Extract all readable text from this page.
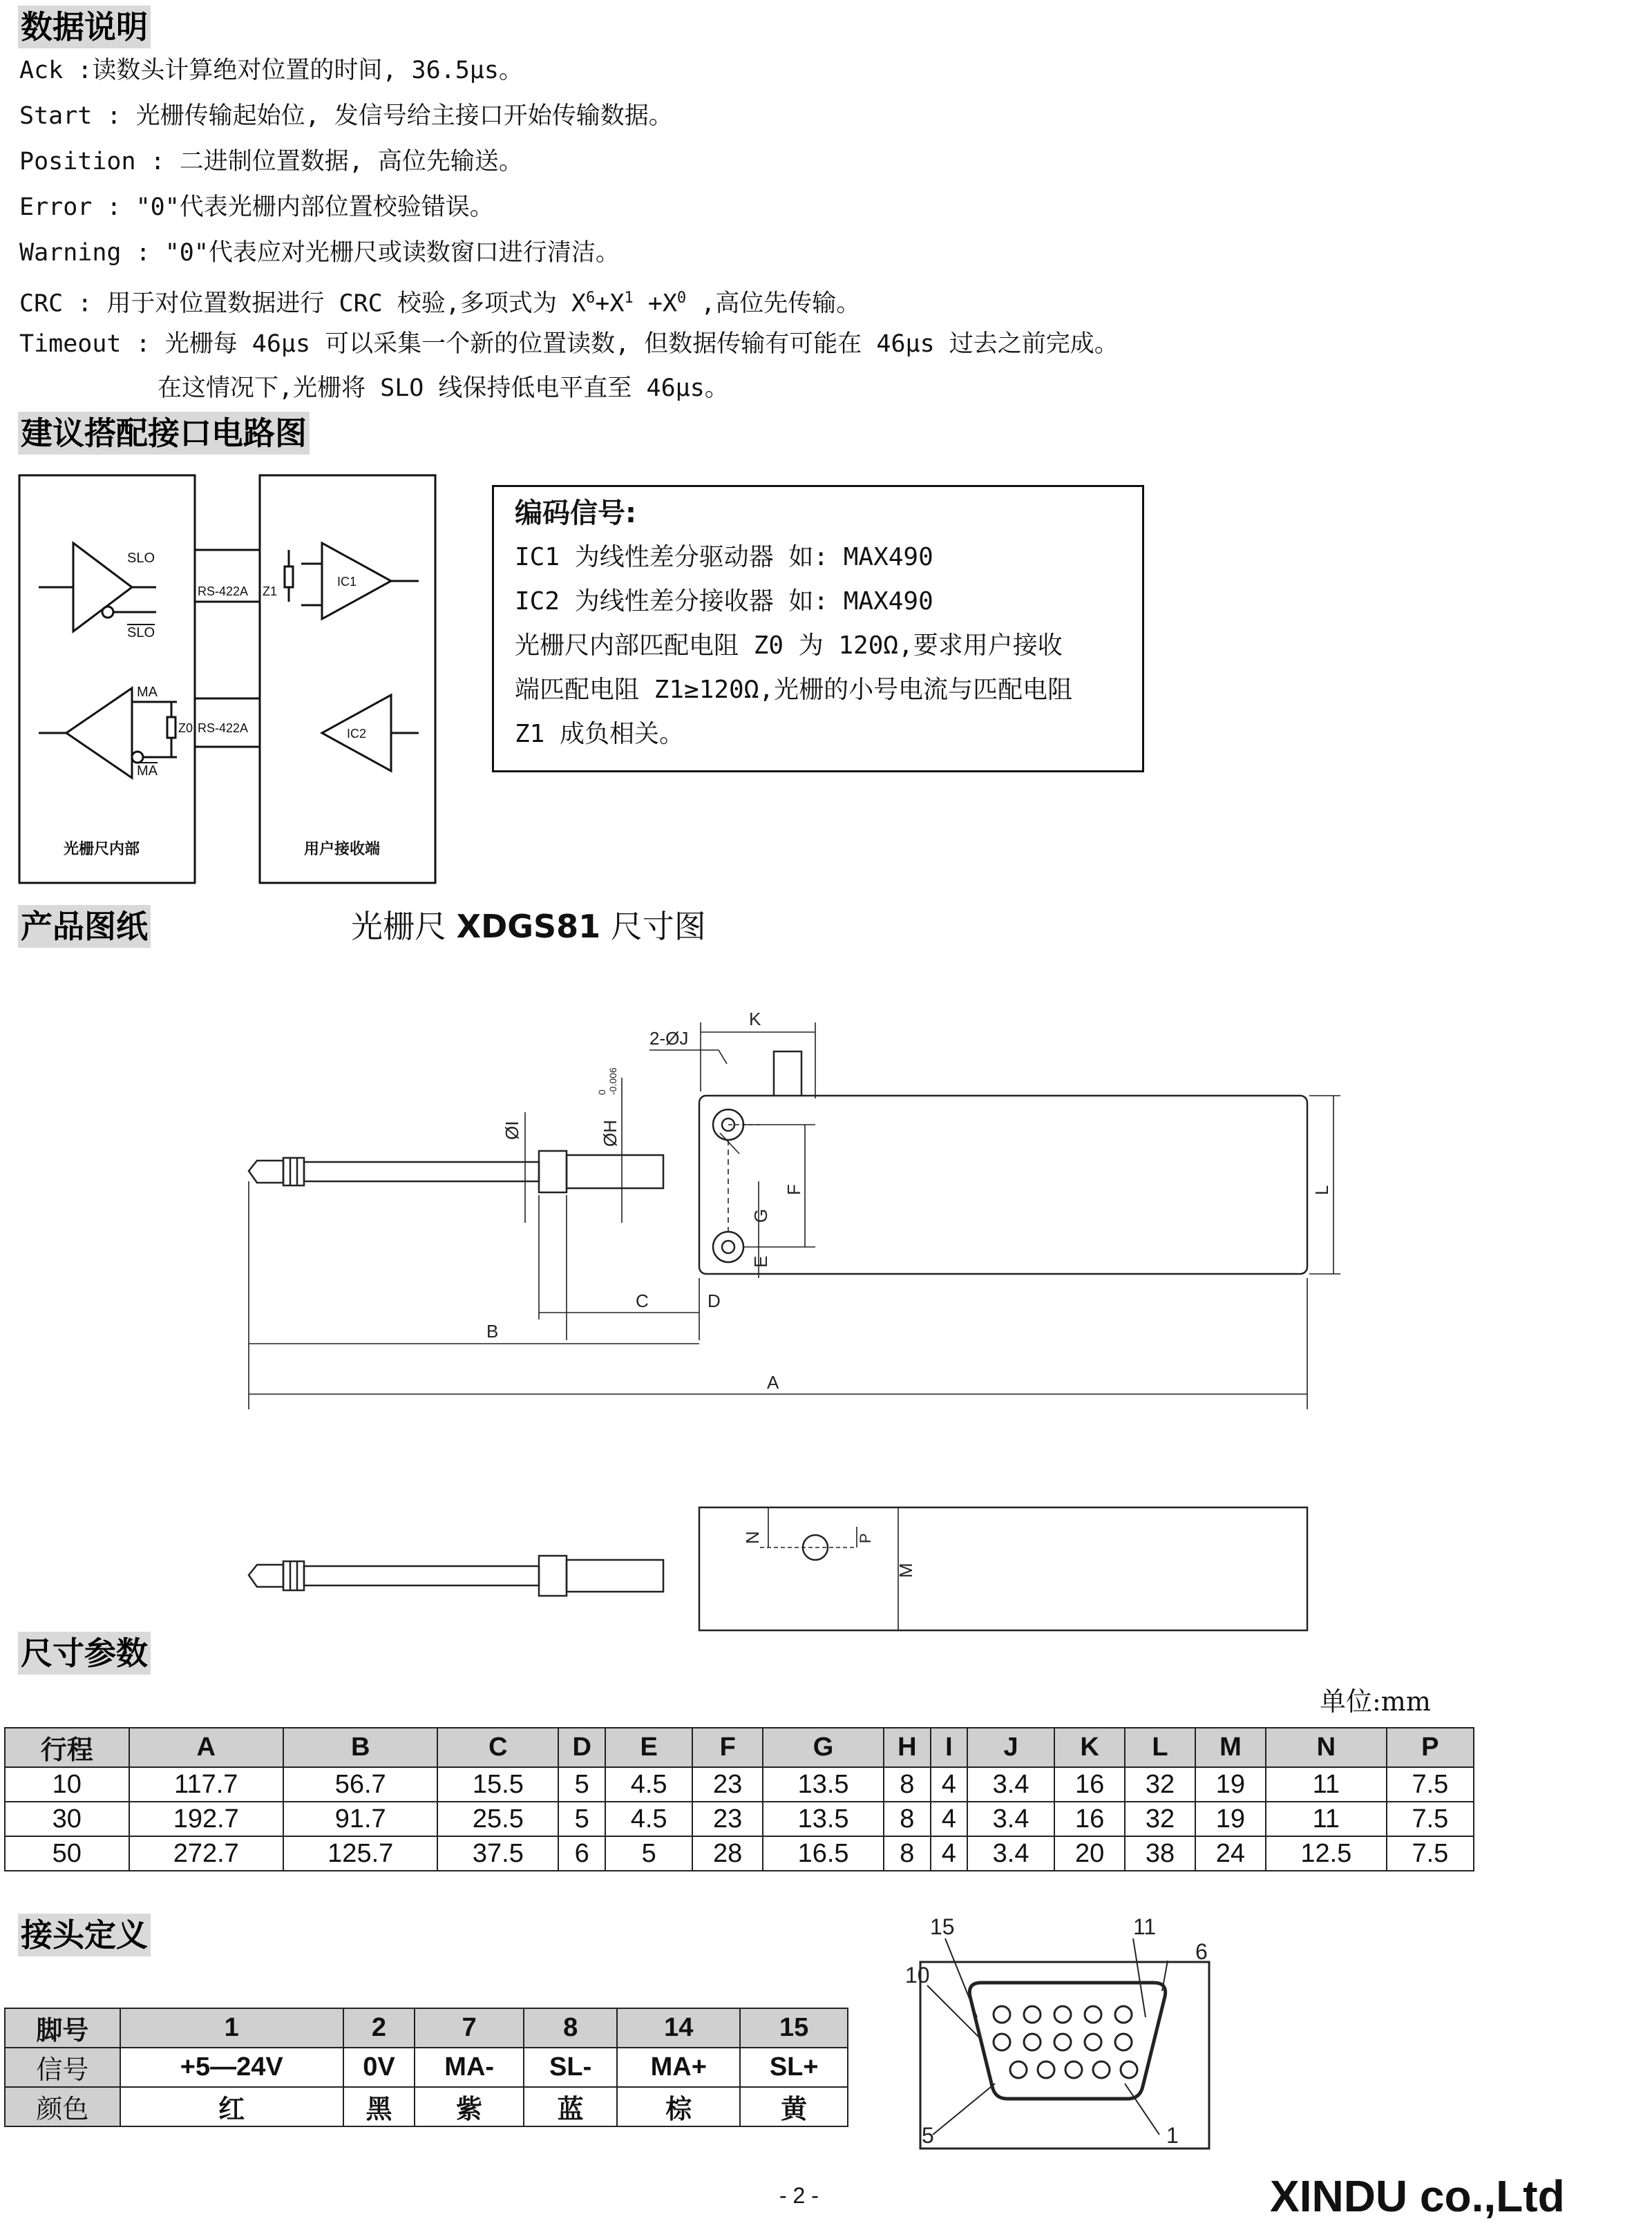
数据说明
Ack :读数头计算绝对位置的时间, 36.5μs。
Start : 光栅传输起始位, 发信号给主接口开始传输数据。
Position : 二进制位置数据, 高位先输送。
Error : "0"代表光栅内部位置校验错误。
Warning : "0"代表应对光栅尺或读数窗口进行清洁。
CRC : 用于对位置数据进行 CRC 校验,多项式为 $X^6+X^1 +X^0$ ,高位先传输。
Timeout : 光栅每 46μs 可以采集一个新的位置读数, 但数据传输有可能在 46μs 过去之前完成。
在这情况下,光栅将 SLO 线保持低电平直至 46μs。
建议搭配接口电路图
SLO
SLO
RS-422A Z1
IC1
MA
MA
Z0 RS-422A	IC2
光栅尺内部	用户接收端
编码信号:
IC1 为线性差分驱动器 如: MAX490
IC2 为线性差分接收器 如: MAX490
光栅尺内部匹配电阻 Z0 为 120Ω,要求用户接收
端匹配电阻 Z1≥120Ω,光栅的小号电流与匹配电阻
Z1 成负相关。
产品图纸	光栅尺 XDGS81 尺寸图
K
2-ØJ
ØI	ØH
0 -0.006
F
G
E
L
C	D
B
A
N	P
M
尺寸参数
单位:mm
行程	A	B	C	D	E	F	G	H	I	J	K	L	M	N	P
10	117.7	56.7	15.5	5	4.5	23	13.5	8	4	3.4	16	32	19	11	7.5
30	192.7	91.7	25.5	5	4.5	23	13.5	8	4	3.4	16	32	19	11	7.5
50	272.7	125.7	37.5	6	5	28	16.5	8	4	3.4	20	38	24	12.5	7.5
接头定义
脚号	1	2	7	8	14	15
信号	+5—24V	0V	MA-	SL-	MA+	SL+
颜色	红	黑	紫	蓝	棕	黄
15	11
10
6
5	1
- 2 -	XINDU co.,Ltd
